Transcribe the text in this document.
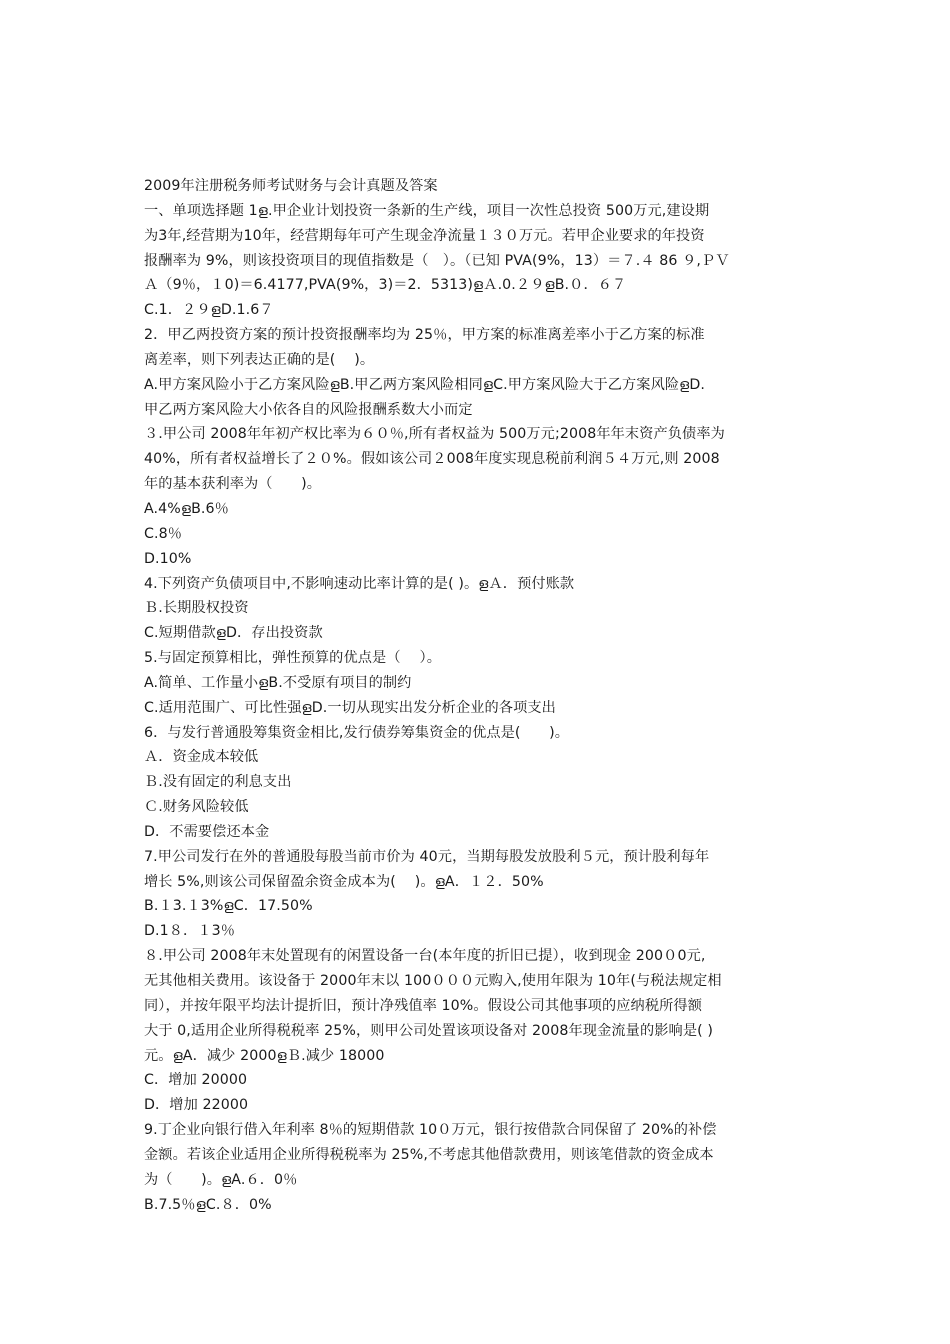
2009年注册税务师考试财务与会计真题及答案
一、单项选择题 1ള.甲企业计划投资一条新的生产线，项目一次性总投资 500万元,建设期
为3年,经营期为10年，经营期每年可产生现金净流量１３０万元。若甲企业要求的年投资
报酬率为 9%，则该投资项目的现值指数是（　）。（已知 PVA(9%，13）＝７.４ 86 ９,ＰＶ
Ａ（9％，１0)＝6.4177,PVA(9%，3)＝2．5313)ളＡ.0.２９ളB.０．６７
C.1．２９ളD.1.6７
2．甲乙两投资方案的预计投资报酬率均为 25％，甲方案的标准离差率小于乙方案的标准
离差率，则下列表达正确的是(　 )。
A.甲方案风险小于乙方案风险ളB.甲乙两方案风险相同ളC.甲方案风险大于乙方案风险ളD.
甲乙两方案风险大小依各自的风险报酬系数大小而定
３.甲公司 2008年年初产权比率为６０％,所有者权益为 500万元;2008年年末资产负债率为
40%，所有者权益增长了２０%。假如该公司２008年度实现息税前利润５４万元,则 2008
年的基本获利率为（　　)。
A.4%ളB.6％
C.8％
D.10%
4.下列资产负债项目中,不影响速动比率计算的是( )。ളＡ．预付账款
Ｂ.长期股权投资
C.短期借款ളD．存出投资款
5.与固定预算相比，弹性预算的优点是（　 ）。
A.简单、工作量小ളB.不受原有项目的制约
C.适用范围广、可比性强ളD.一切从现实出发分析企业的各项支出
6．与发行普通股筹集资金相比,发行债券筹集资金的优点是(　　)。
Ａ．资金成本较低
Ｂ.没有固定的利息支出
Ｃ.财务风险较低
D．不需要偿还本金
7.甲公司发行在外的普通股每股当前市价为 40元，当期每股发放股利５元，预计股利每年
增长 5%,则该公司保留盈余资金成本为(　 )。ളA．１２．50%
B.１3.１3%ളC．17.50%
D.1８．１3％
８.甲公司 2008年末处置现有的闲置设备一台(本年度的折旧已提），收到现金 200０0元,
无其他相关费用。该设备于 2000年末以 100０００元购入,使用年限为 10年(与税法规定相
同），并按年限平均法计提折旧，预计净残值率 10%。假设公司其他事项的应纳税所得额
大于 0,适用企业所得税税率 25%，则甲公司处置该项设备对 2008年现金流量的影响是( )
元。ളA．减少 2000ളＢ.减少 18000
C．增加 20000
D．增加 22000
9.丁企业向银行借入年利率 8％的短期借款 10０万元，银行按借款合同保留了 20%的补偿
金额。若该企业适用企业所得税税率为 25%,不考虑其他借款费用，则该笔借款的资金成本
为（　　)。ളA.６．0％
B.7.5％ളC.８．0%
